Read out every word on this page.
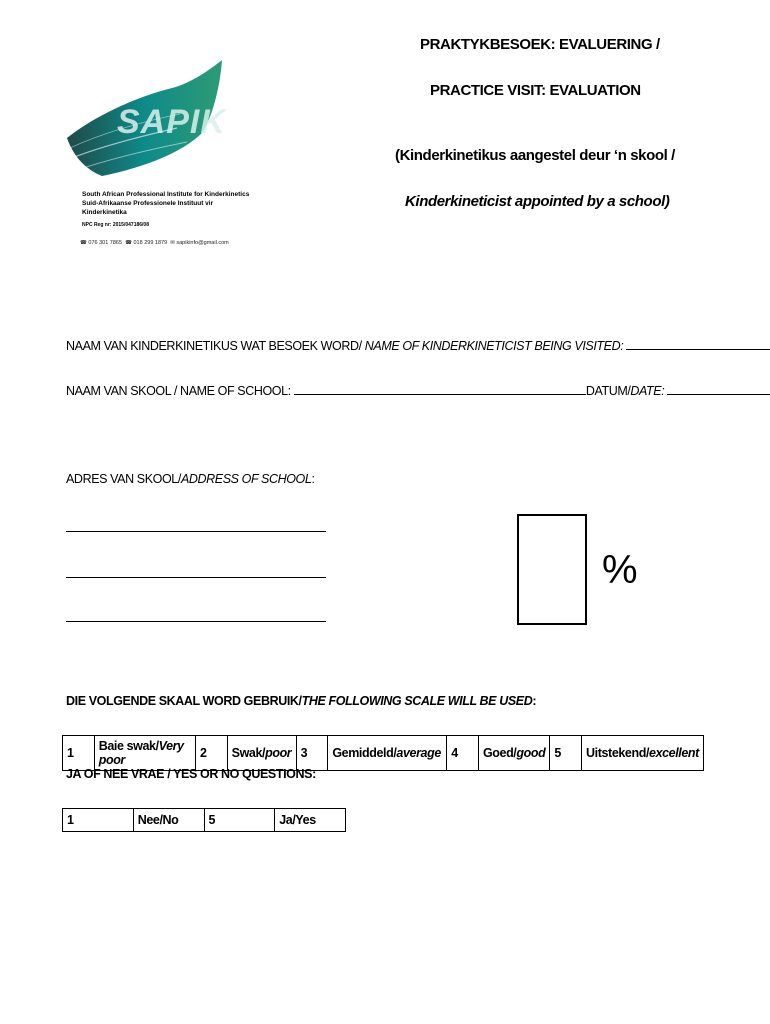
SAPIK
South African Professional Institute for Kinderkinetics
Suid-Afrikaanse Professionele Instituut vir Kinderkinetika
NPC Reg nr: 2015/047186/08
☎ 076 301 7865 ☎ 018 299 1879 ✉ sapikinfo@gmail.com
PRAKTYKBESOEK: EVALUERING /
PRACTICE VISIT: EVALUATION
(Kinderkinetikus aangestel deur ‘n skool /
Kinderkineticist appointed by a school)
NAAM VAN KINDERKINETIKUS WAT BESOEK WORD/ NAME OF KINDERKINETICIST BEING VISITED:
NAAM VAN SKOOL / NAME OF SCHOOL:	DATUM/DATE:
ADRES VAN SKOOL/ADDRESS OF SCHOOL:
%
DIE VOLGENDE SKAAL WORD GEBRUIK/THE FOLLOWING SCALE WILL BE USED:
1	Baie swak/Very poor	2	Swak/poor	3	Gemiddeld/average	4	Goed/good	5	Uitstekend/excellent
JA OF NEE VRAE / YES OR NO QUESTIONS:
1	Nee/No	5	Ja/Yes
